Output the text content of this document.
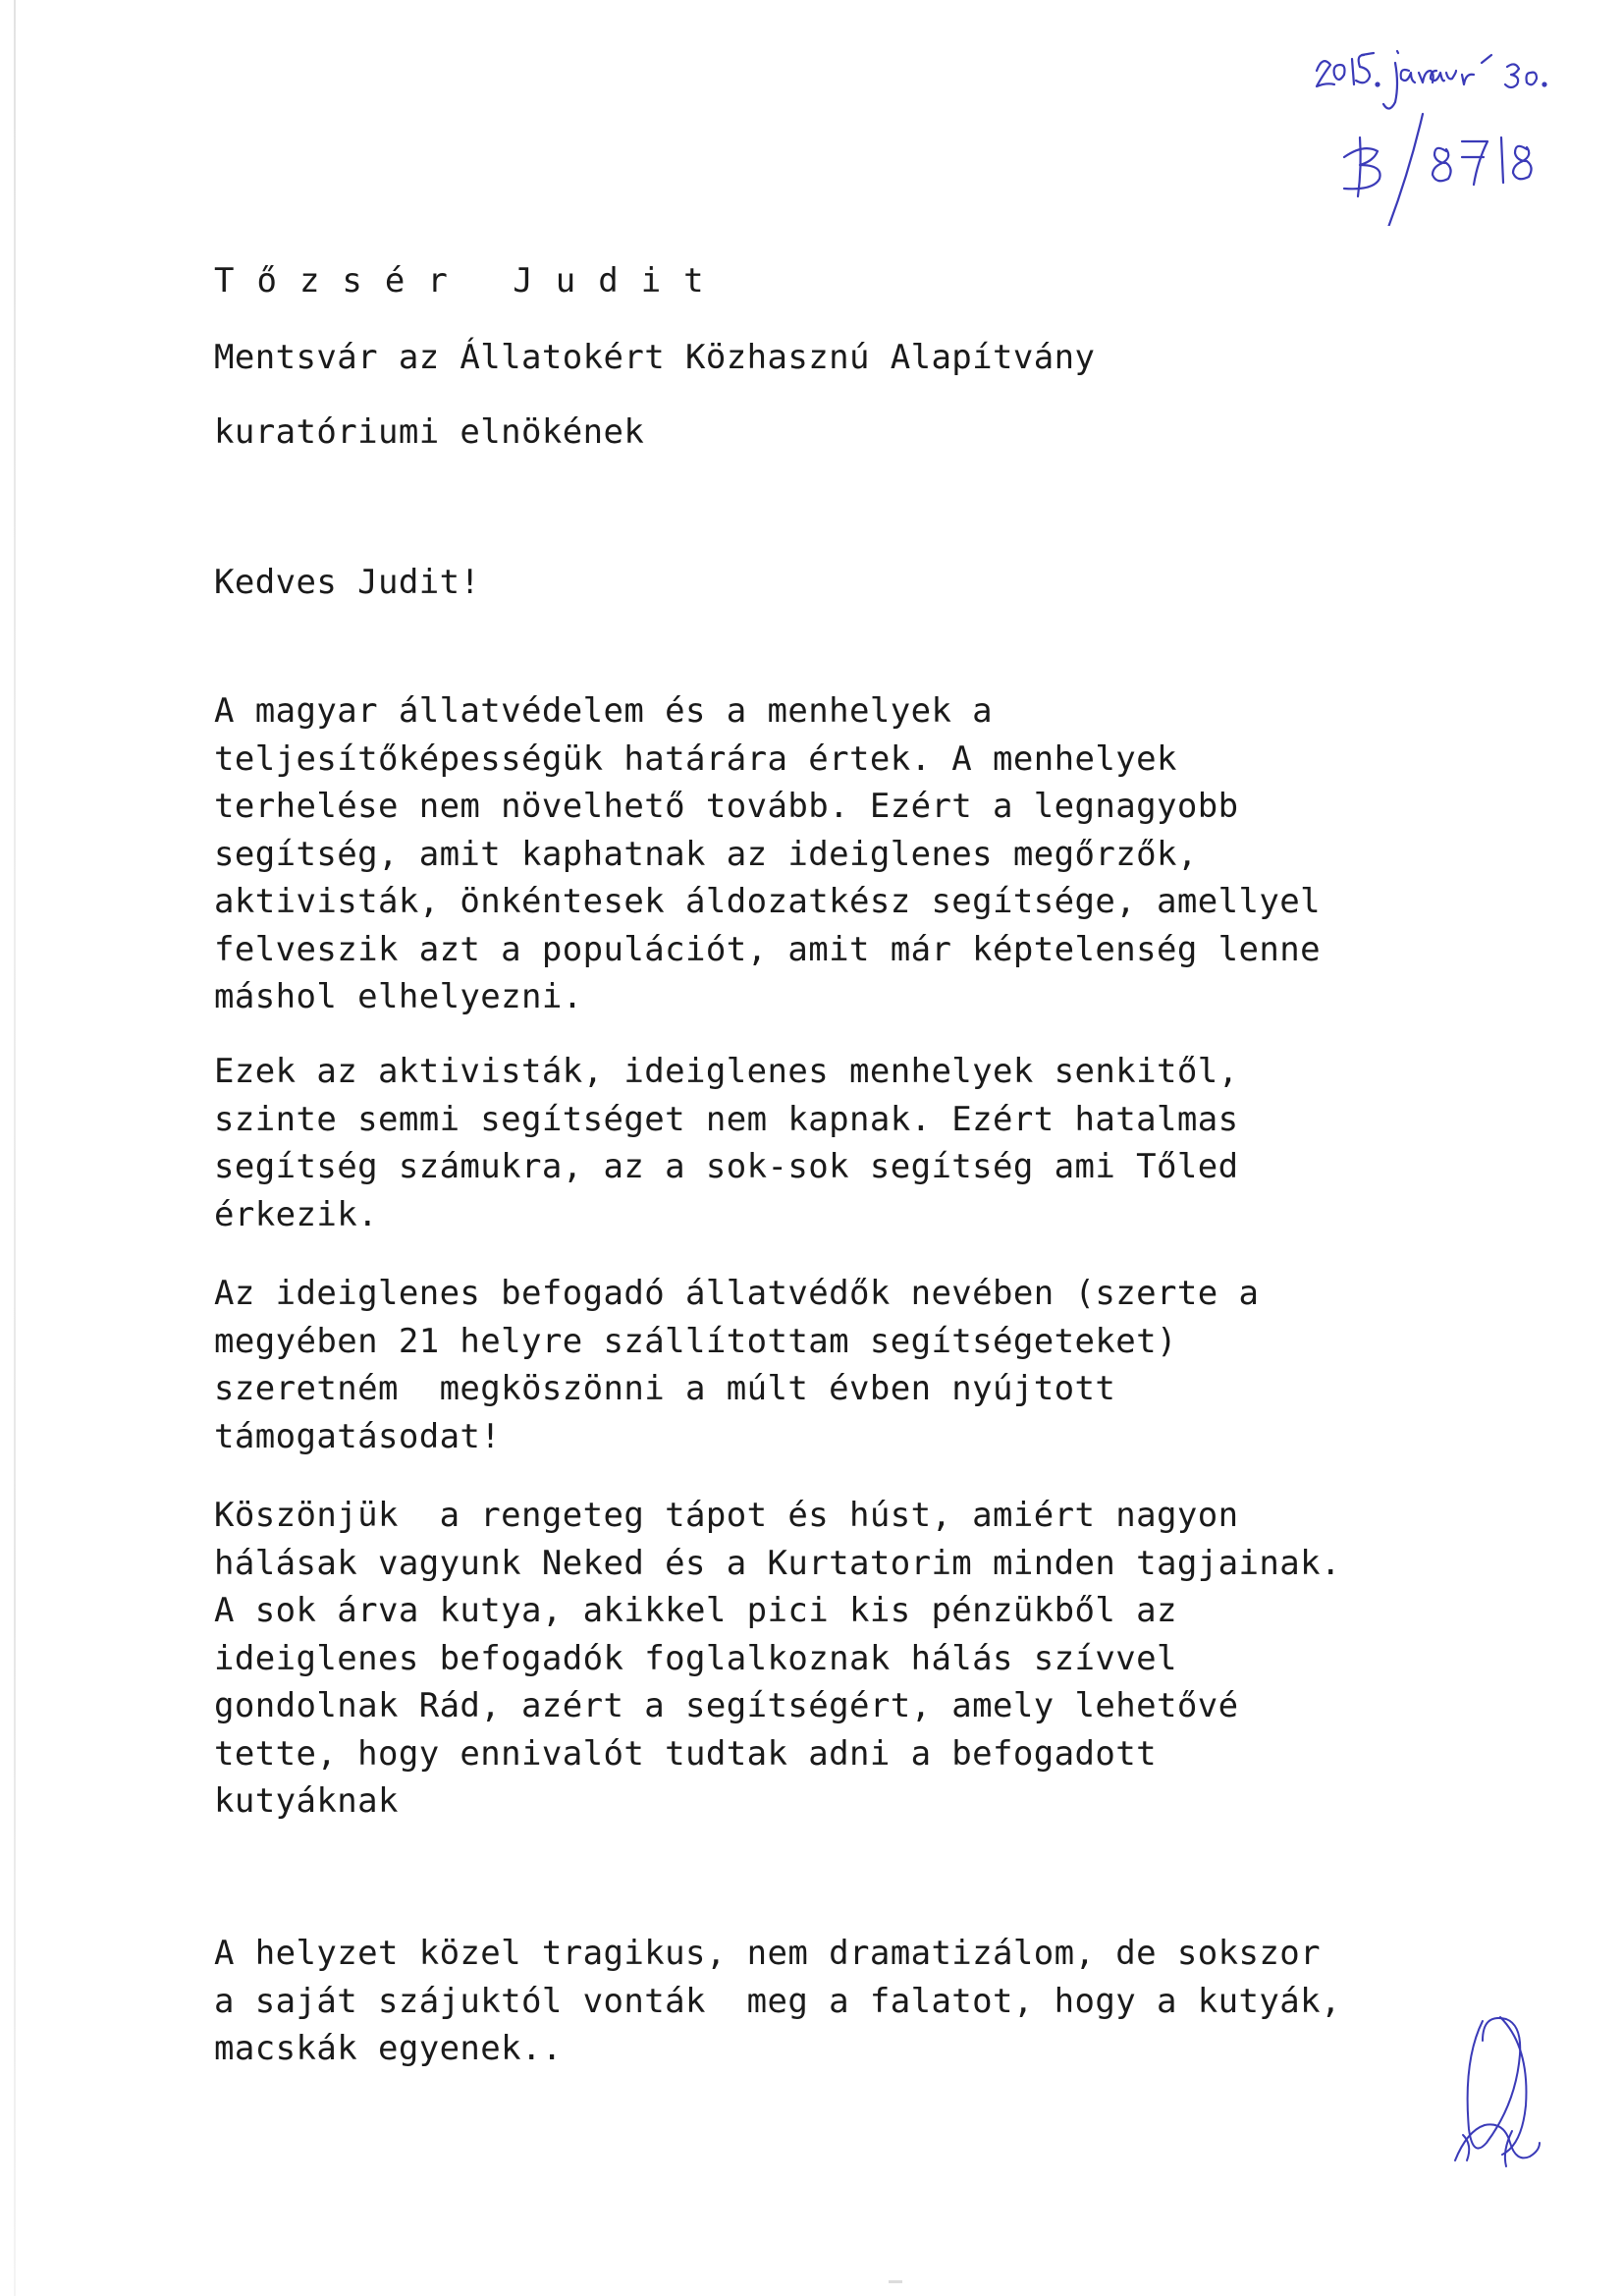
Tőzsér Judit
Mentsvár az Állatokért Közhasznú Alapítvány
kuratóriumi elnökének
Kedves Judit!
A magyar állatvédelem és a menhelyek a
teljesítőképességük határára értek. A menhelyek
terhelése nem növelhető tovább. Ezért a legnagyobb
segítség, amit kaphatnak az ideiglenes megőrzők,
aktivisták, önkéntesek áldozatkész segítsége, amellyel
felveszik azt a populációt, amit már képtelenség lenne
máshol elhelyezni.
Ezek az aktivisták, ideiglenes menhelyek senkitől,
szinte semmi segítséget nem kapnak. Ezért hatalmas
segítség számukra, az a sok-sok segítség ami Tőled
érkezik.
Az ideiglenes befogadó állatvédők nevében (szerte a
megyében 21 helyre szállítottam segítségeteket)
szeretném  megköszönni a múlt évben nyújtott
támogatásodat!
Köszönjük  a rengeteg tápot és húst, amiért nagyon
hálásak vagyunk Neked és a Kurtatorim minden tagjainak.
A sok árva kutya, akikkel pici kis pénzükből az
ideiglenes befogadók foglalkoznak hálás szívvel
gondolnak Rád, azért a segítségért, amely lehetővé
tette, hogy ennivalót tudtak adni a befogadott
kutyáknak
A helyzet közel tragikus, nem dramatizálom, de sokszor
a saját szájuktól vonták  meg a falatot, hogy a kutyák,
macskák egyenek..
